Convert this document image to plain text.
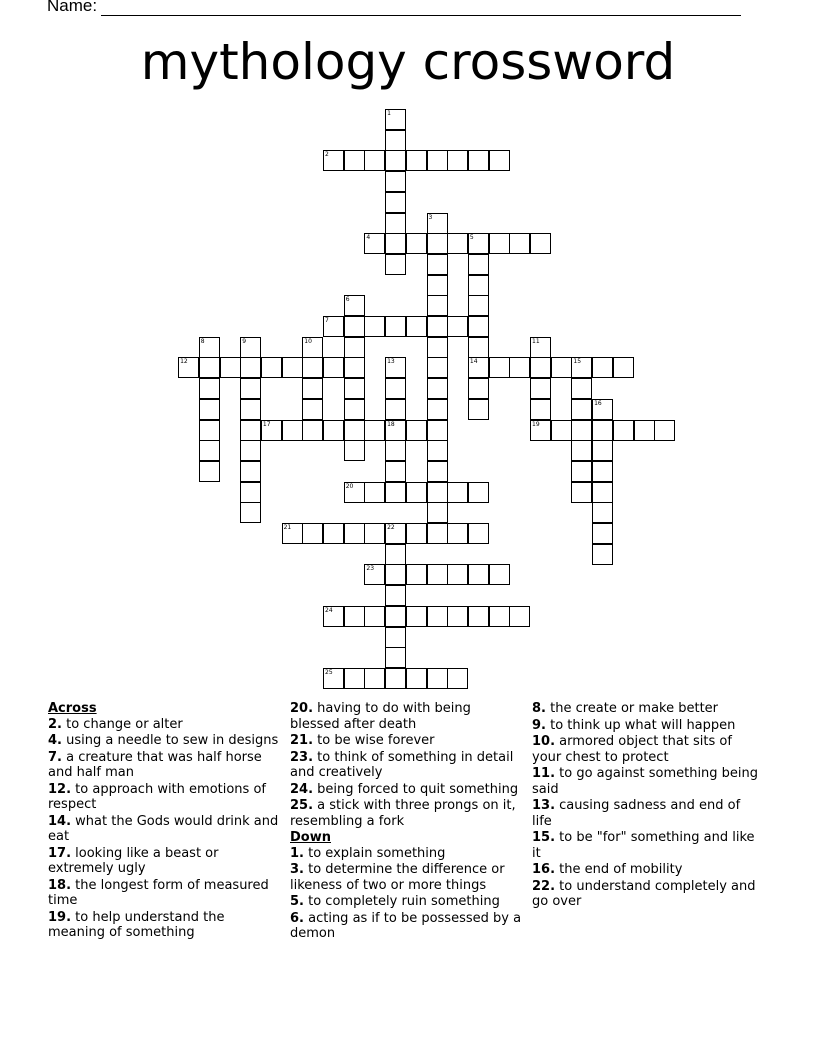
Name:
mythology crossword
1
2
3
4	5
6
7
8	9	10	11
12	13	14	15
16
17	18	19
20
21	22
23
24
25
Across
2. to change or alter
4. using a needle to sew in designs
7. a creature that was half horse and half man
12. to approach with emotions of respect
14. what the Gods would drink and eat
17. looking like a beast or extremely ugly
18. the longest form of measured time
19. to help understand the meaning of something
20. having to do with being blessed after death
21. to be wise forever
23. to think of something in detail and creatively
24. being forced to quit something
25. a stick with three prongs on it, resembling a fork
Down
1. to explain something
3. to determine the difference or likeness of two or more things
5. to completely ruin something
6. acting as if to be possessed by a demon
8. the create or make better
9. to think up what will happen
10. armored object that sits of your chest to protect
11. to go against something being said
13. causing sadness and end of life
15. to be "for" something and like it
16. the end of mobility
22. to understand completely and go over
